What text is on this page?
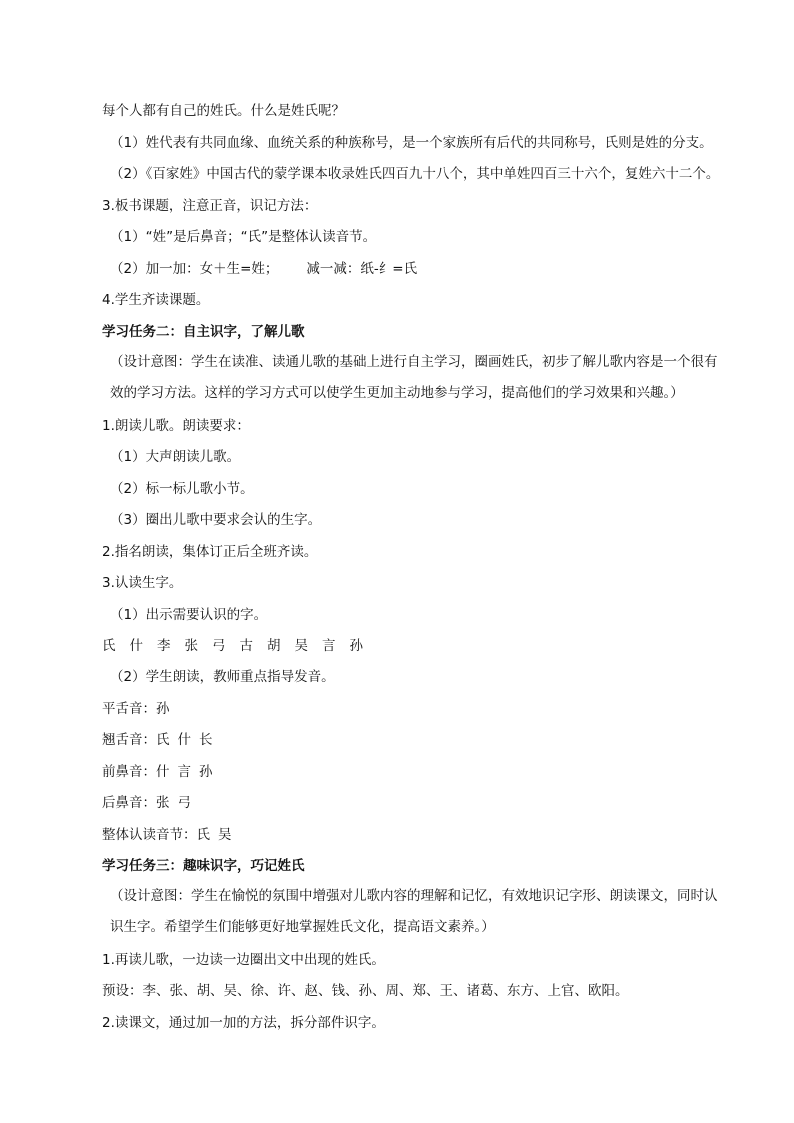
每个人都有自己的姓氏。什么是姓氏呢？
（1）姓代表有共同血缘、血统关系的种族称号，是一个家族所有后代的共同称号，氏则是姓的分支。
（2）《百家姓》中国古代的蒙学课本收录姓氏四百九十八个，其中单姓四百三十六个，复姓六十二个。
3.板书课题，注意正音，识记方法：
（1）“姓”是后鼻音；“氏”是整体认读音节。
（2）加一加：女＋生=姓； 减一减：纸-纟=氏
4.学生齐读课题。
学习任务二：自主识字，了解儿歌
（设计意图：学生在读准、读通儿歌的基础上进行自主学习，圈画姓氏，初步了解儿歌内容是一个很有效的学习方法。这样的学习方式可以使学生更加主动地参与学习，提高他们的学习效果和兴趣。）
1.朗读儿歌。朗读要求：
（1）大声朗读儿歌。
（2）标一标儿歌小节。
（3）圈出儿歌中要求会认的生字。
2.指名朗读，集体订正后全班齐读。
3.认读生字。
（1）出示需要认识的字。
氏 什 李 张 弓 古 胡 吴 言 孙
（2）学生朗读，教师重点指导发音。
平舌音：孙
翘舌音：氏 什 长
前鼻音：什 言 孙
后鼻音：张 弓
整体认读音节：氏 吴
学习任务三：趣味识字，巧记姓氏
（设计意图：学生在愉悦的氛围中增强对儿歌内容的理解和记忆，有效地识记字形、朗读课文，同时认识生字。希望学生们能够更好地掌握姓氏文化，提高语文素养。）
1.再读儿歌，一边读一边圈出文中出现的姓氏。
预设：李、张、胡、吴、徐、许、赵、钱、孙、周、郑、王、诸葛、东方、上官、欧阳。
2.读课文，通过加一加的方法，拆分部件识字。
